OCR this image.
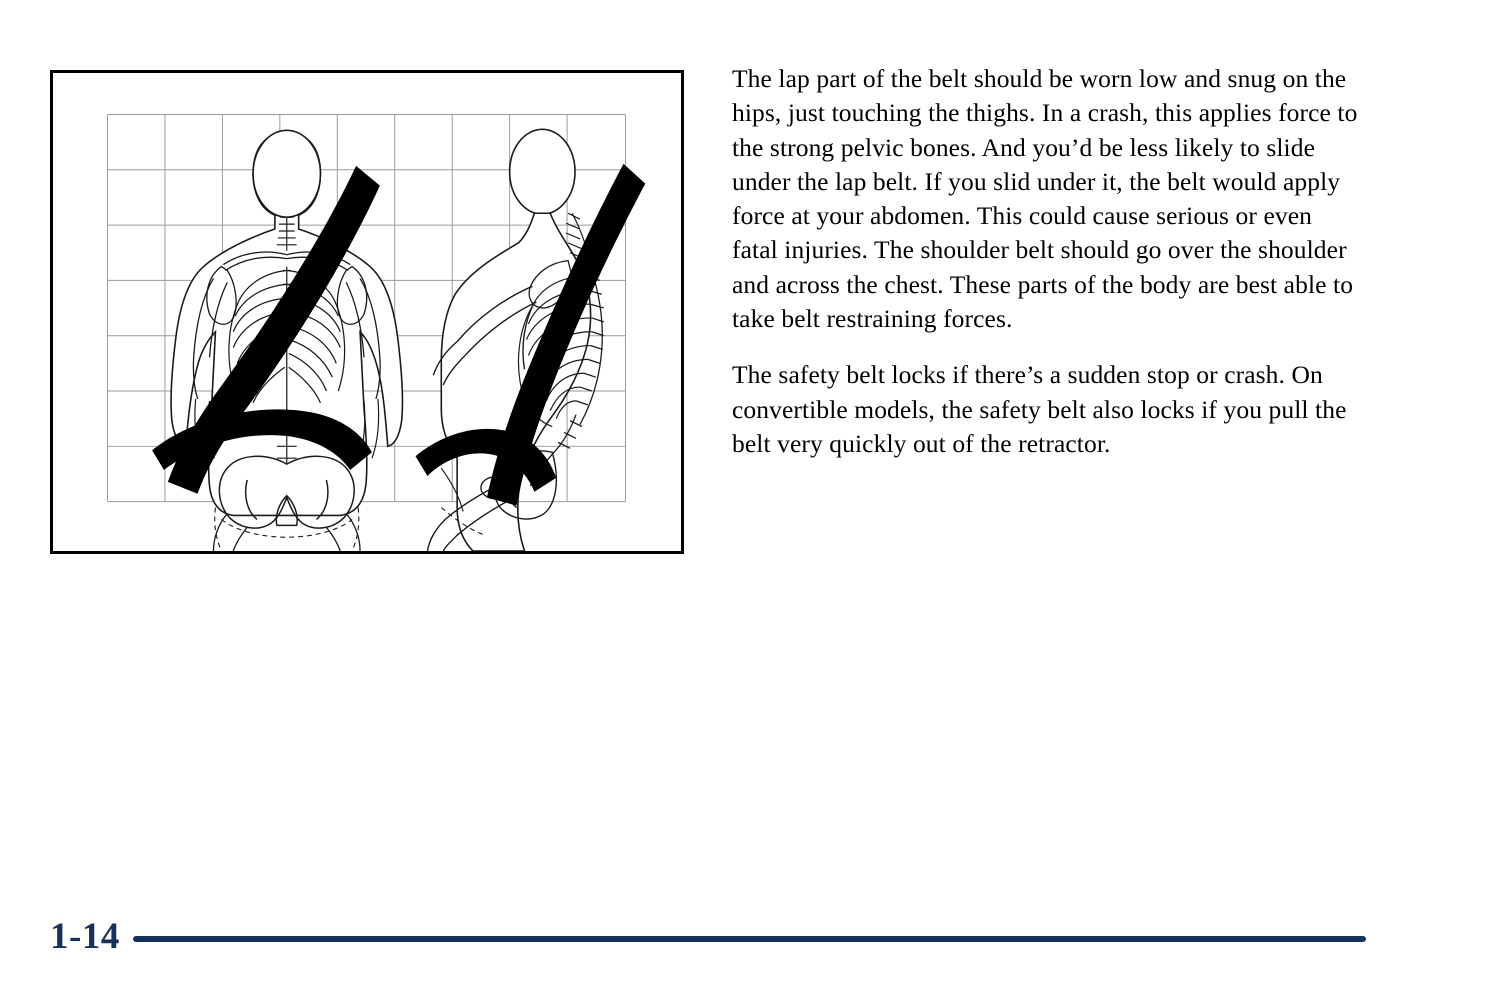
The lap part of the belt should be worn low and snug on the hips, just touching the thighs. In a crash, this applies force to the strong pelvic bones. And you’d be less likely to slide under the lap belt. If you slid under it, the belt would apply force at your abdomen. This could cause serious or even fatal injuries. The shoulder belt should go over the shoulder and across the chest. These parts of the body are best able to take belt restraining forces.

The safety belt locks if there’s a sudden stop or crash. On convertible models, the safety belt also locks if you pull the belt very quickly out of the retractor.

1-14
